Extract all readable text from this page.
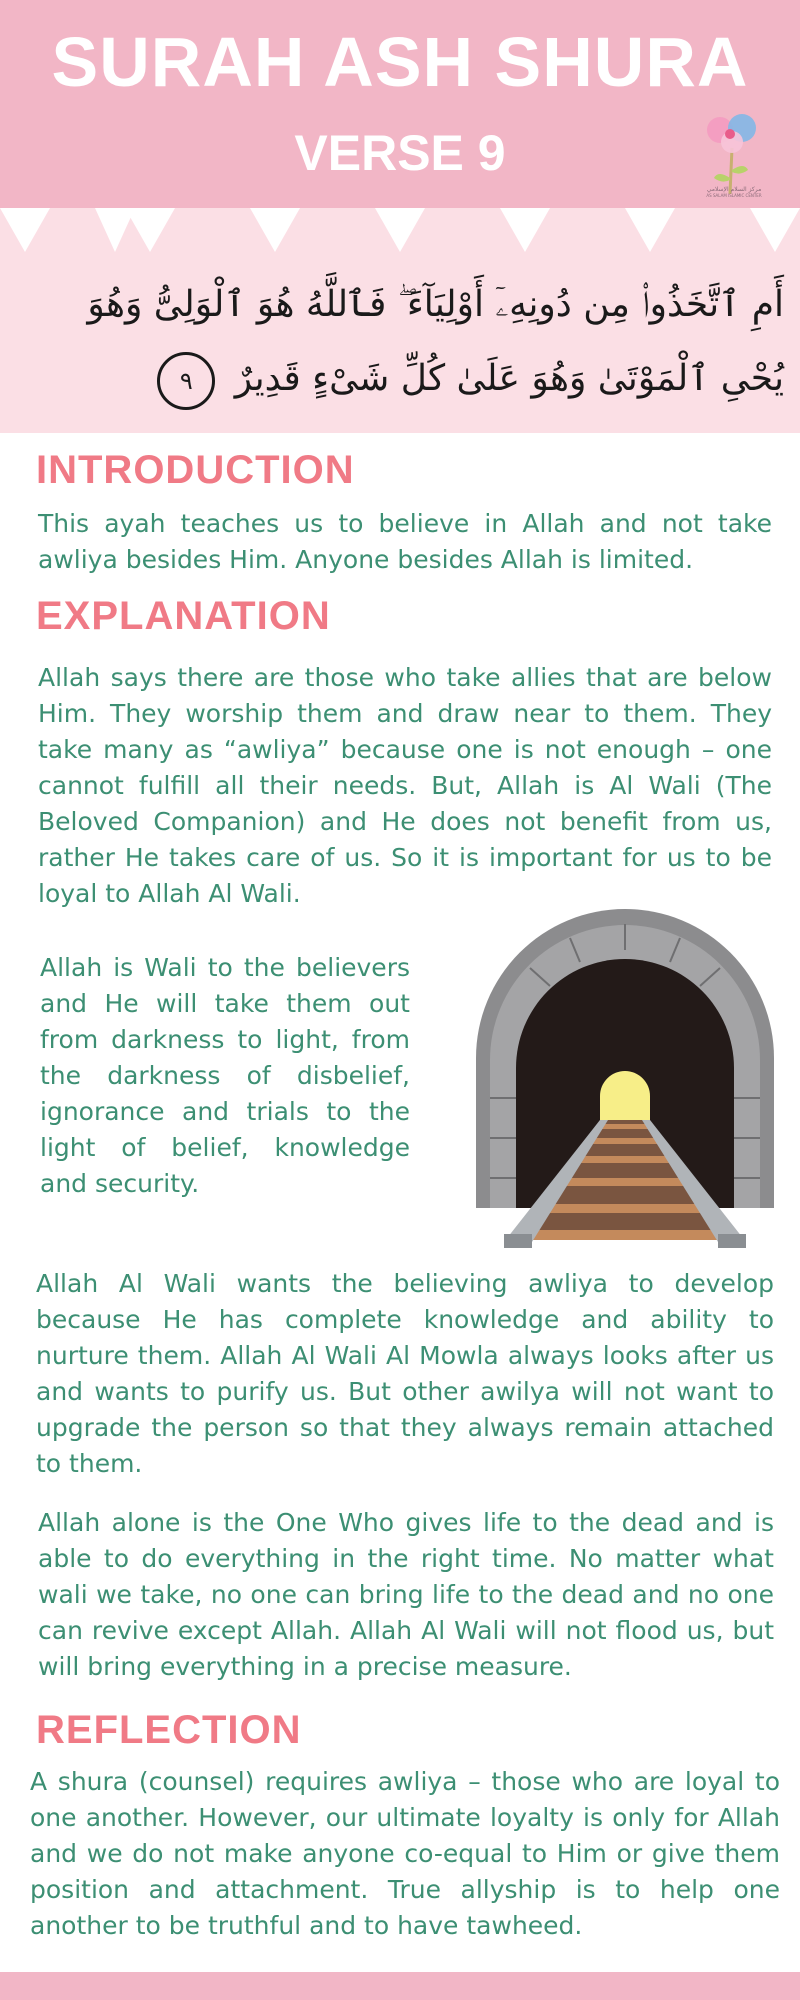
SURAH ASH SHURA
VERSE 9
مركز السلام الإسلامي
AS SALAM ISLAMIC CENTER
أَمِ ٱتَّخَذُوا۟ مِن دُونِهِۦٓ أَوْلِيَآءَ ۖ فَٱللَّهُ هُوَ ٱلْوَلِىُّ وَهُوَ يُحْىِ ٱلْمَوْتَىٰ وَهُوَ عَلَىٰ كُلِّ شَىْءٍ قَدِيرٌ ٩
INTRODUCTION

This ayah teaches us to believe in Allah and not take awliya besides Him. Anyone besides Allah is limited.

EXPLANATION

Allah says there are those who take allies that are below Him. They worship them and draw near to them. They take many as “awliya” because one is not enough – one cannot fulfill all their needs. But, Allah is Al Wali (The Beloved Companion) and He does not benefit from us, rather He takes care of us. So it is important for us to be loyal to Allah Al Wali.

Allah is Wali to the believers and He will take them out from darkness to light, from the darkness of disbelief, ignorance and trials to the light of belief, knowledge and security.

Allah Al Wali wants the believing awliya to develop because He has complete knowledge and ability to nurture them. Allah Al Wali Al Mowla always looks after us and wants to purify us. But other awilya will not want to upgrade the person so that they always remain attached to them.

Allah alone is the One Who gives life to the dead and is able to do everything in the right time. No matter what wali we take, no one can bring life to the dead and no one can revive except Allah. Allah Al Wali will not flood us, but will bring everything in a precise measure.

REFLECTION

A shura (counsel) requires awliya – those who are loyal to one another. However, our ultimate loyalty is only for Allah and we do not make anyone co-equal to Him or give them position and attachment. True allyship is to help one another to be truthful and to have tawheed.
